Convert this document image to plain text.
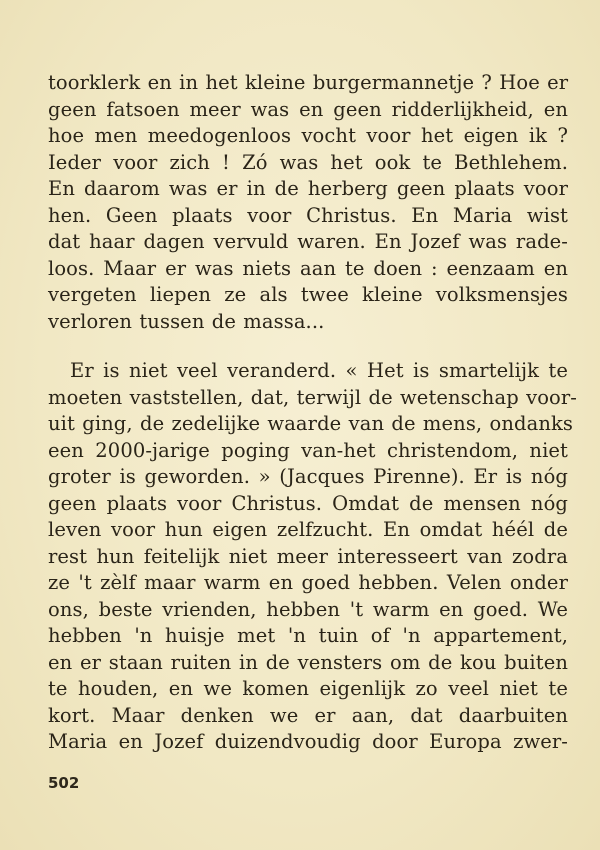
toorklerk en in het kleine burgermannetje ? Hoe er
geen fatsoen meer was en geen ridderlijkheid, en
hoe men meedogenloos vocht voor het eigen ik ?
Ieder voor zich ! Zó was het ook te Bethlehem.
En daarom was er in de herberg geen plaats voor
hen. Geen plaats voor Christus. En Maria wist
dat haar dagen vervuld waren. En Jozef was rade-
loos. Maar er was niets aan te doen : eenzaam en
vergeten liepen ze als twee kleine volksmensjes
verloren tussen de massa...
Er is niet veel veranderd. « Het is smartelijk te
moeten vaststellen, dat, terwijl de wetenschap voor-
uit ging, de zedelijke waarde van de mens, ondanks
een 2000-jarige poging van-het christendom, niet
groter is geworden. » (Jacques Pirenne). Er is nóg
geen plaats voor Christus. Omdat de mensen nóg
leven voor hun eigen zelfzucht. En omdat héél de
rest hun feitelijk niet meer interesseert van zodra
ze 't zèlf maar warm en goed hebben. Velen onder
ons, beste vrienden, hebben 't warm en goed. We
hebben 'n huisje met 'n tuin of 'n appartement,
en er staan ruiten in de vensters om de kou buiten
te houden, en we komen eigenlijk zo veel niet te
kort. Maar denken we er aan, dat daarbuiten
Maria en Jozef duizendvoudig door Europa zwer-
502
